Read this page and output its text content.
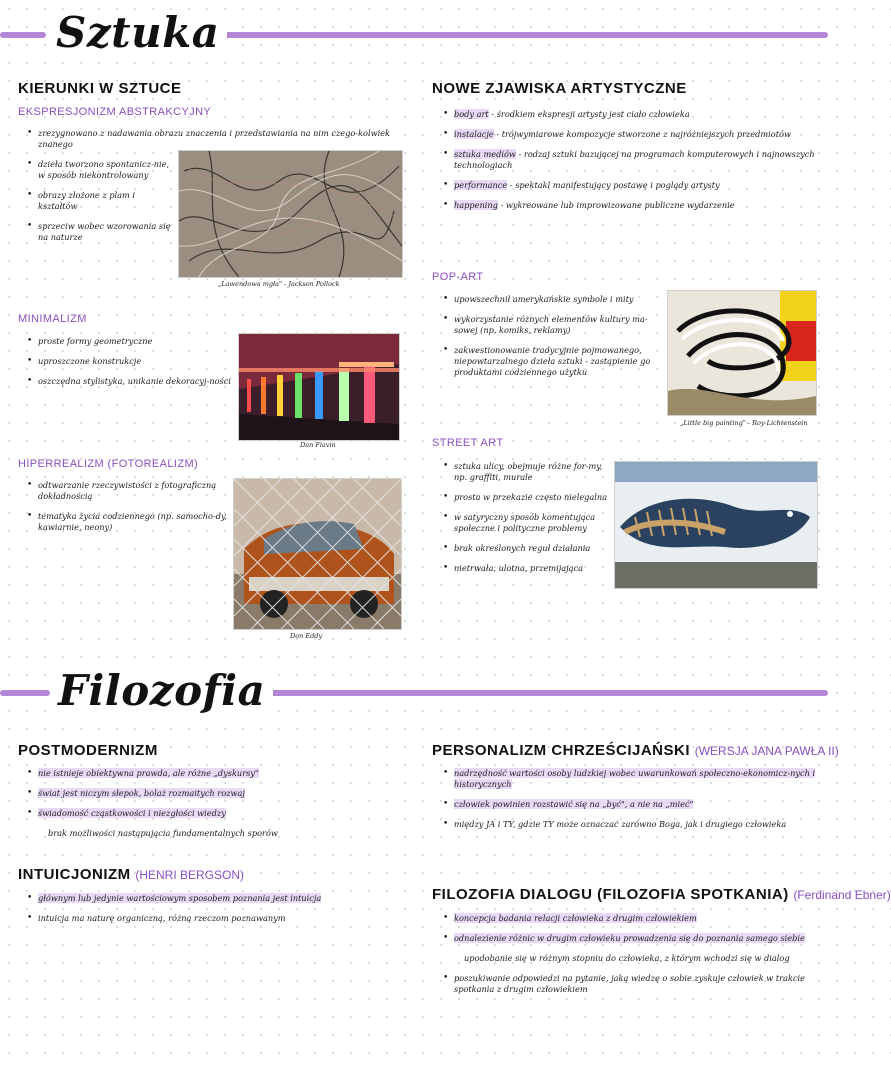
Sztuka
KIERUNKI W SZTUCE
EKSPRESJONIZM ABSTRAKCYJNY
• zrezygnowano z nadawania obrazu znaczenia i przedstawiania na nim czego-kolwiek znanego
• dzieła tworzono spontanicz-nie, w sposób niekontrolowany
• obrazy złożone z plam i kształtów
• sprzeciw wobec wzorowania się na naturze
„Lawendowa mgła" - Jackson Pollock
MINIMALIZM
• proste formy geometryczne
• uproszczone konstrukcje
• oszczędna stylistyka, unikanie dekoracyj-ności
Dan Flavin
HIPERREALIZM (FOTOREALIZM)
• odtwarzanie rzeczywistości z fotograficzną dokładnością
• tematyka życia codziennego (np. samocho-dy, kawiarnie, neony)
Don Eddy
NOWE ZJAWISKA ARTYSTYCZNE
• body art - środkiem ekspresji artysty jest ciało człowieka
• instalacje - trójwymiarowe kompozycje stworzone z najróżniejszych przedmiotów
• sztuka mediów - rodzaj sztuki bazującej na programach komputerowych i najnowszych technologiach
• performance - spektakl manifestujący postawę i poglądy artysty
• happening - wykreowane lub improwizowane publiczne wydarzenie
POP-ART
• upowszechnił amerykańskie symbole i mity
• wykorzystanie różnych elementów kultury ma-sowej (np. komiks, reklamy)
• zakwestionowanie tradycyjnie pojmowanego, niepowtarzalnego dzieła sztuki - zastąpienie go produktami codziennego użytku
„Little big painting" - Roy Lichtenstein
STREET ART
• sztuka ulicy, obejmuje różne for-my, np. graffiti, murale
• prosta w przekazie często nielegalna
• w satyryczny sposób komentująca społeczne i polityczne problemy
• brak określonych reguł działania
• nietrwała, ulotna, przemijająca
Filozofia
POSTMODERNIZM
• nie istnieje obiektywna prawda, ale różne „dyskursy"
• świat jest niczym słepok, bolaż rozmaitych rozwaj
• świadomość cząstkowości i niezgłości wiedzy
brak możliwości nastąpującia fundamentalnych sporów
INTUICJONIZM (HENRI BERGSON)
• głównym lub jedynie wartościowym sposobem poznania jest intuicja
• intuicja ma naturę organiczną, różną rzeczom poznawanym
PERSONALIZM CHRZEŚCIJAŃSKI (WERSJA JANA PAWŁA II)
• nadrzędność wartości osoby ludzkiej wobec uwarunkowań społeczno-ekonomicz-nych i historycznych
• człowiek powinien rozstawić się na „być", a nie na „mieć"
• między JA i TY, gdzie TY może oznaczać zarówno Boga, jak i drugiego człowieka
FILOZOFIA DIALOGU (FILOZOFIA SPOTKANIA) (Ferdinand Ebner)
• koncepcja badania relacji człowieka z drugim człowiekiem
• odnalezienie różnic w drugim człowieku prowadzenia się do poznania samego siebie
upodobanie się w różnym stopniu do człowieka, z którym wchodzi się w dialog
• poszukiwanie odpowiedzi na pytanie, jaką wiedzę o sobie zyskuje człowiek w trakcie spotkania z drugim człowiekiem
